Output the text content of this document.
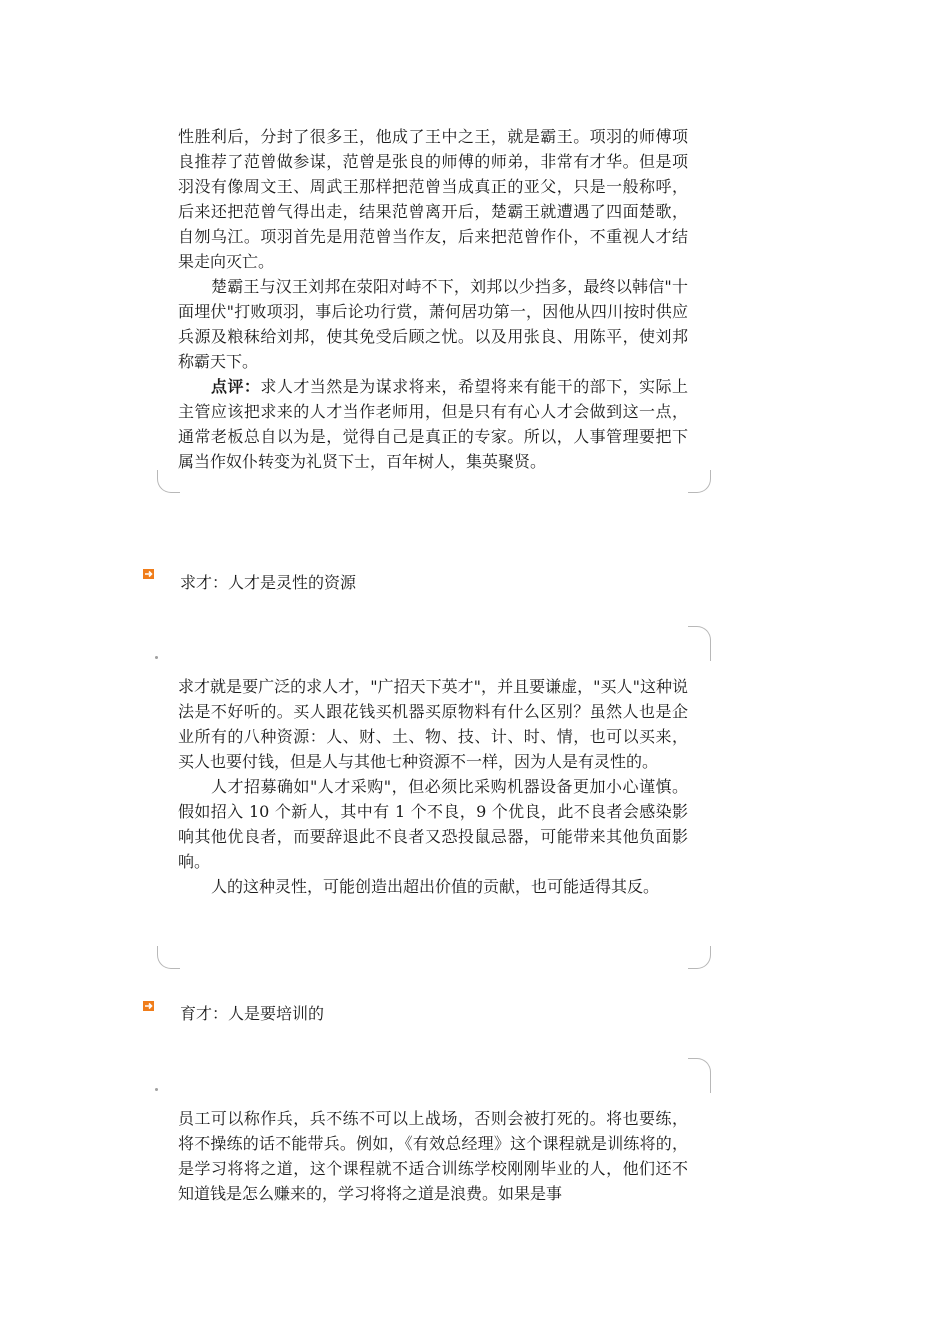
性胜利后，分封了很多王，他成了王中之王，就是霸王。项羽的师傅项良推荐了范曾做参谋，范曾是张良的师傅的师弟，非常有才华。但是项羽没有像周文王、周武王那样把范曾当成真正的亚父，只是一般称呼，后来还把范曾气得出走，结果范曾离开后，楚霸王就遭遇了四面楚歌，自刎乌江。项羽首先是用范曾当作友，后来把范曾作仆，不重视人才结果走向灭亡。

楚霸王与汉王刘邦在荥阳对峙不下，刘邦以少挡多，最终以韩信"十面埋伏"打败项羽，事后论功行赏，萧何居功第一，因他从四川按时供应兵源及粮秣给刘邦，使其免受后顾之忧。以及用张良、用陈平，使刘邦称霸天下。

点评：求人才当然是为谋求将来，希望将来有能干的部下，实际上主管应该把求来的人才当作老师用，但是只有有心人才会做到这一点，通常老板总自以为是，觉得自己是真正的专家。所以，人事管理要把下属当作奴仆转变为礼贤下士，百年树人，集英聚贤。

求才：人才是灵性的资源

求才就是要广泛的求人才，"广招天下英才"，并且要谦虚，"买人"这种说法是不好听的。买人跟花钱买机器买原物料有什么区别？虽然人也是企业所有的八种资源：人、财、土、物、技、计、时、情，也可以买来，买人也要付钱，但是人与其他七种资源不一样，因为人是有灵性的。

人才招募确如"人才采购"，但必须比采购机器设备更加小心谨慎。假如招入 10 个新人，其中有 1 个不良，9 个优良，此不良者会感染影响其他优良者，而要辞退此不良者又恐投鼠忌器，可能带来其他负面影响。

人的这种灵性，可能创造出超出价值的贡献，也可能适得其反。

育才：人是要培训的

员工可以称作兵，兵不练不可以上战场，否则会被打死的。将也要练，将不操练的话不能带兵。例如，《有效总经理》这个课程就是训练将的，是学习将将之道，这个课程就不适合训练学校刚刚毕业的人，他们还不知道钱是怎么赚来的，学习将将之道是浪费。如果是事
